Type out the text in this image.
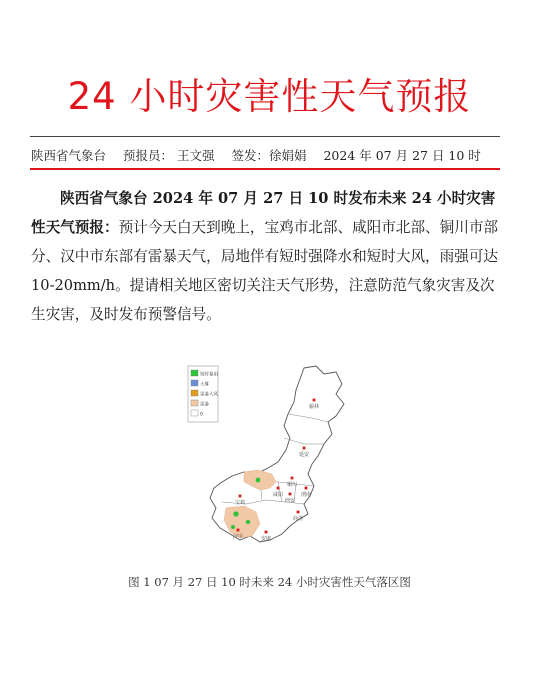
24 小时灾害性天气预报
陕西省气象台 预报员： 王文强 签发：徐娟娟 2024 年 07 月 27 日 10 时
陕西省气象台 2024 年 07 月 27 日 10 时发布未来 24 小时灾害性天气预报：预计今天白天到晚上，宝鸡市北部、咸阳市北部、铜川市部分、汉中市东部有雷暴天气，局地伴有短时强降水和短时大风，雨强可达 10-20mm/h。提请相关地区密切关注天气形势，注意防范气象灾害及次生灾害，及时发布预警信号。
短时暴雨
大雾
雷暴大风
雷暴
0
榆林
延安
铜川
宝鸡
咸阳
西安
渭南
汉中	安康
商洛
图 1 07 月 27 日 10 时未来 24 小时灾害性天气落区图
